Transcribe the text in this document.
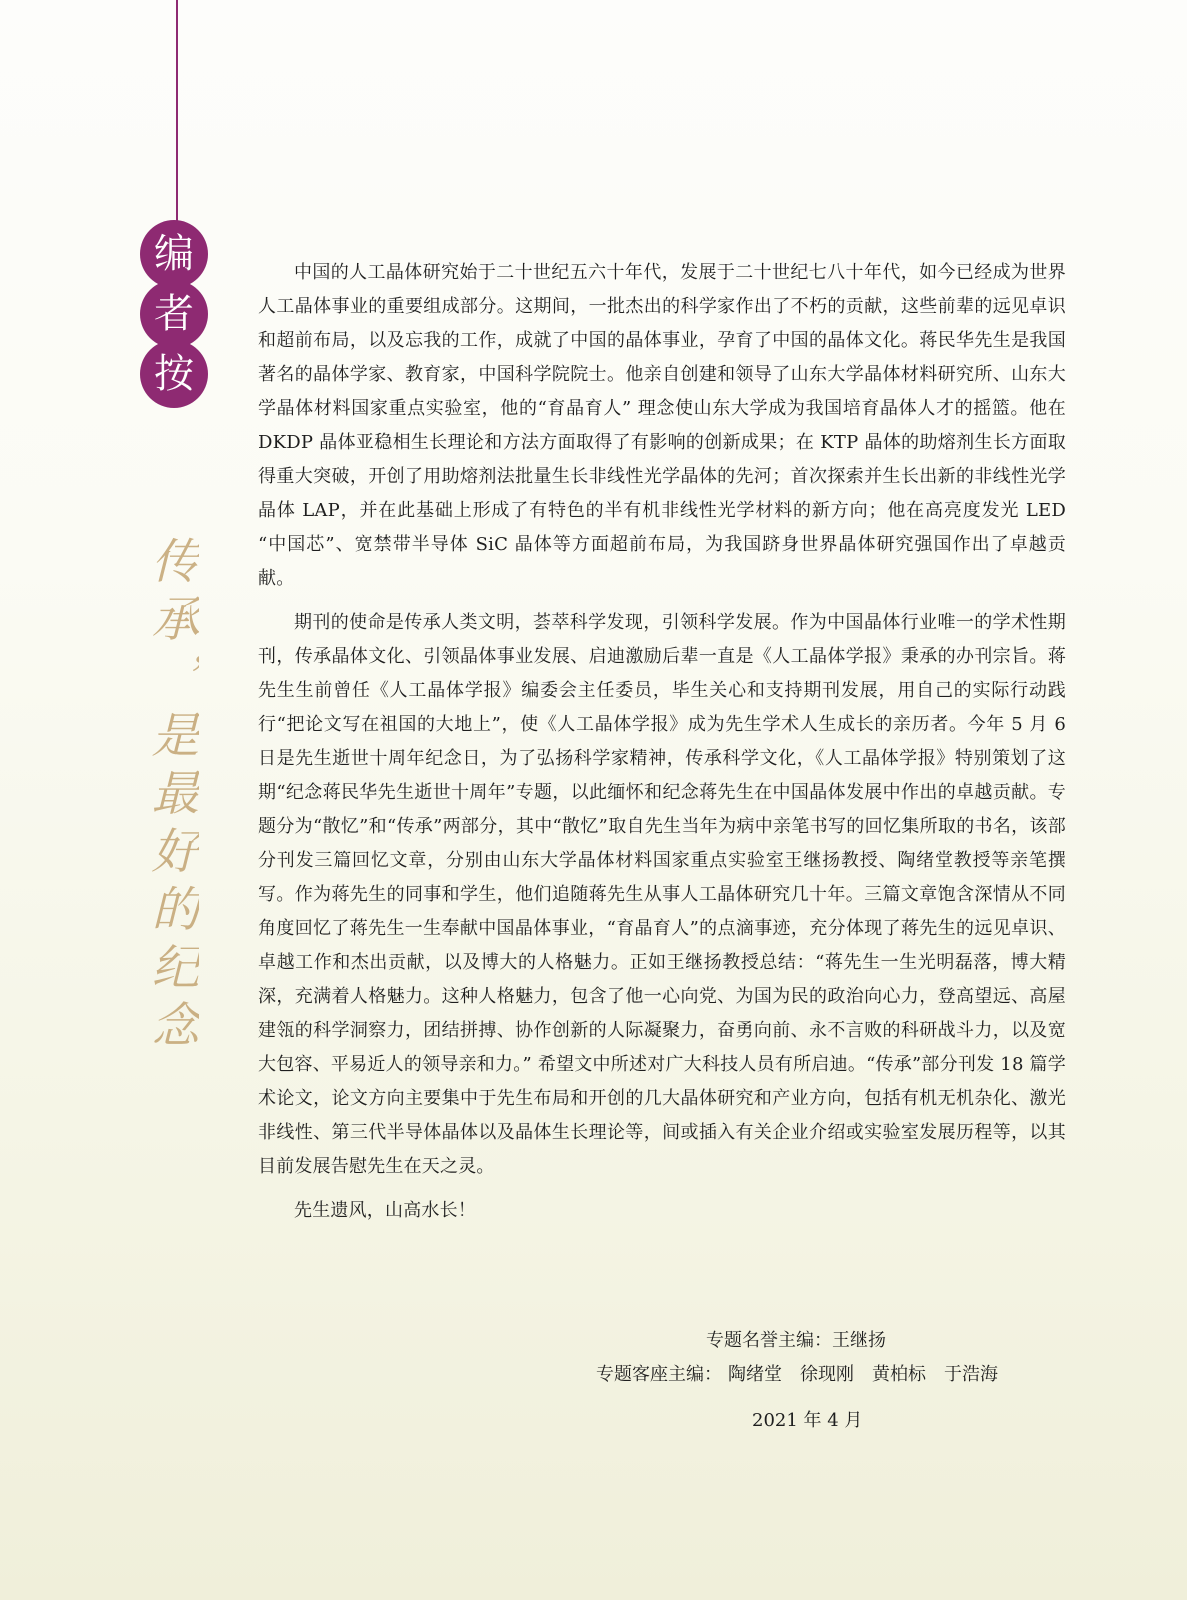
编
者
按
传承，是最好的纪念

中国的人工晶体研究始于二十世纪五六十年代，发展于二十世纪七八十年代，如今已经成为世界人工晶体事业的重要组成部分。这期间，一批杰出的科学家作出了不朽的贡献，这些前辈的远见卓识和超前布局，以及忘我的工作，成就了中国的晶体事业，孕育了中国的晶体文化。蒋民华先生是我国著名的晶体学家、教育家，中国科学院院士。他亲自创建和领导了山东大学晶体材料研究所、山东大学晶体材料国家重点实验室，他的“育晶育人” 理念使山东大学成为我国培育晶体人才的摇篮。他在 DKDP 晶体亚稳相生长理论和方法方面取得了有影响的创新成果；在 KTP 晶体的助熔剂生长方面取得重大突破，开创了用助熔剂法批量生长非线性光学晶体的先河；首次探索并生长出新的非线性光学晶体 LAP，并在此基础上形成了有特色的半有机非线性光学材料的新方向；他在高亮度发光 LED “中国芯”、宽禁带半导体 SiC 晶体等方面超前布局，为我国跻身世界晶体研究强国作出了卓越贡献。

期刊的使命是传承人类文明，荟萃科学发现，引领科学发展。作为中国晶体行业唯一的学术性期刊，传承晶体文化、引领晶体事业发展、启迪激励后辈一直是《人工晶体学报》秉承的办刊宗旨。蒋先生生前曾任《人工晶体学报》编委会主任委员，毕生关心和支持期刊发展，用自己的实际行动践行“把论文写在祖国的大地上”，使《人工晶体学报》成为先生学术人生成长的亲历者。今年 5 月 6 日是先生逝世十周年纪念日，为了弘扬科学家精神，传承科学文化，《人工晶体学报》特别策划了这期“纪念蒋民华先生逝世十周年”专题，以此缅怀和纪念蒋先生在中国晶体发展中作出的卓越贡献。专题分为“散忆”和“传承”两部分，其中“散忆”取自先生当年为病中亲笔书写的回忆集所取的书名，该部分刊发三篇回忆文章，分别由山东大学晶体材料国家重点实验室王继扬教授、陶绪堂教授等亲笔撰写。作为蒋先生的同事和学生，他们追随蒋先生从事人工晶体研究几十年。三篇文章饱含深情从不同角度回忆了蒋先生一生奉献中国晶体事业，“育晶育人”的点滴事迹，充分体现了蒋先生的远见卓识、卓越工作和杰出贡献，以及博大的人格魅力。正如王继扬教授总结：“蒋先生一生光明磊落，博大精深，充满着人格魅力。这种人格魅力，包含了他一心向党、为国为民的政治向心力，登高望远、高屋建瓴的科学洞察力，团结拼搏、协作创新的人际凝聚力，奋勇向前、永不言败的科研战斗力，以及宽大包容、平易近人的领导亲和力。” 希望文中所述对广大科技人员有所启迪。“传承”部分刊发 18 篇学术论文，论文方向主要集中于先生布局和开创的几大晶体研究和产业方向，包括有机无机杂化、激光非线性、第三代半导体晶体以及晶体生长理论等，间或插入有关企业介绍或实验室发展历程等，以其目前发展告慰先生在天之灵。

先生遗风，山高水长！

专题名誉主编：王继扬
专题客座主编： 陶绪堂 徐现刚 黄柏标 于浩海
2021 年 4 月
